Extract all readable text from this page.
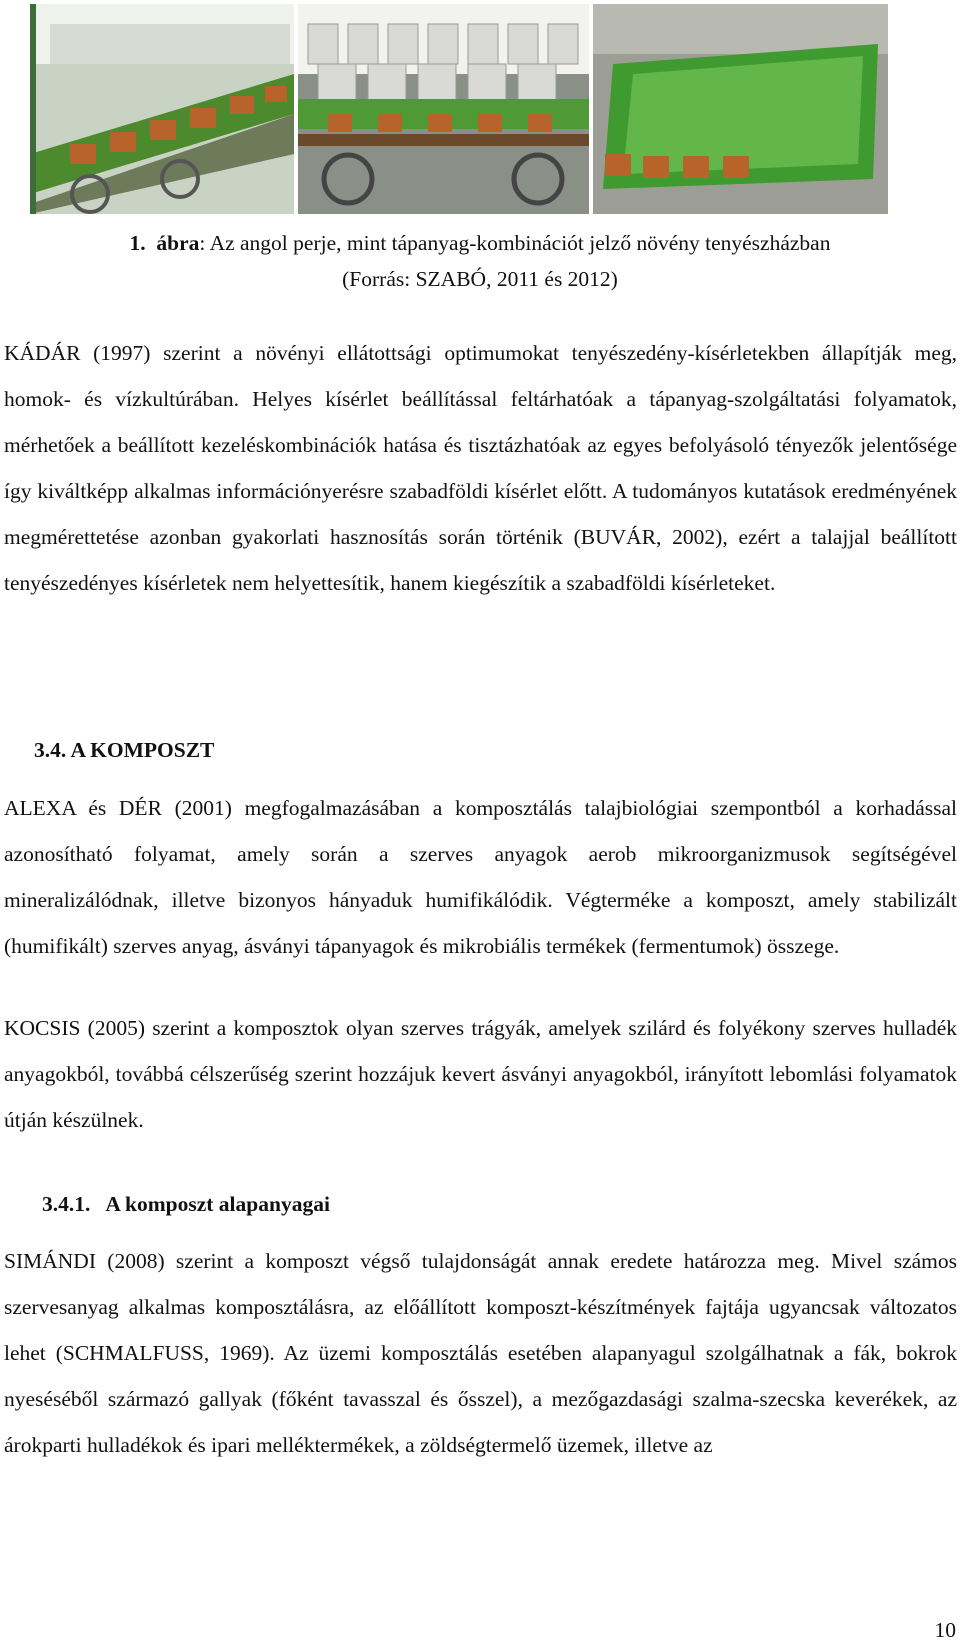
1. ábra: Az angol perje, mint tápanyag-kombinációt jelző növény tenyészházban
(Forrás: SZABÓ, 2011 és 2012)

KÁDÁR (1997) szerint a növényi ellátottsági optimumokat tenyészedény-kísérletekben állapítják meg, homok- és vízkultúrában. Helyes kísérlet beállítással feltárhatóak a tápanyag-szolgáltatási folyamatok, mérhetőek a beállított kezeléskombinációk hatása és tisztázhatóak az egyes befolyásoló tényezők jelentősége így kiváltképp alkalmas információnyerésre szabadföldi kísérlet előtt. A tudományos kutatások eredményének megmérettetése azonban gyakorlati hasznosítás során történik (BUVÁR, 2002), ezért a talajjal beállított tenyészedényes kísérletek nem helyettesítik, hanem kiegészítik a szabadföldi kísérleteket.

3.4. A KOMPOSZT

ALEXA és DÉR (2001) megfogalmazásában a komposztálás talajbiológiai szempontból a korhadással azonosítható folyamat, amely során a szerves anyagok aerob mikroorganizmusok segítségével mineralizálódnak, illetve bizonyos hányaduk humifikálódik. Végterméke a komposzt, amely stabilizált (humifikált) szerves anyag, ásványi tápanyagok és mikrobiális termékek (fermentumok) összege.

KOCSIS (2005) szerint a komposztok olyan szerves trágyák, amelyek szilárd és folyékony szerves hulladék anyagokból, továbbá célszerűség szerint hozzájuk kevert ásványi anyagokból, irányított lebomlási folyamatok útján készülnek.

3.4.1. A komposzt alapanyagai

SIMÁNDI (2008) szerint a komposzt végső tulajdonságát annak eredete határozza meg. Mivel számos szervesanyag alkalmas komposztálásra, az előállított komposzt-készítmények fajtája ugyancsak változatos lehet (SCHMALFUSS, 1969). Az üzemi komposztálás esetében alapanyagul szolgálhatnak a fák, bokrok nyeséséből származó gallyak (főként tavasszal és ősszel), a mezőgazdasági szalma-szecska keverékek, az árokparti hulladékok és ipari melléktermékek, a zöldségtermelő üzemek, illetve az

10
